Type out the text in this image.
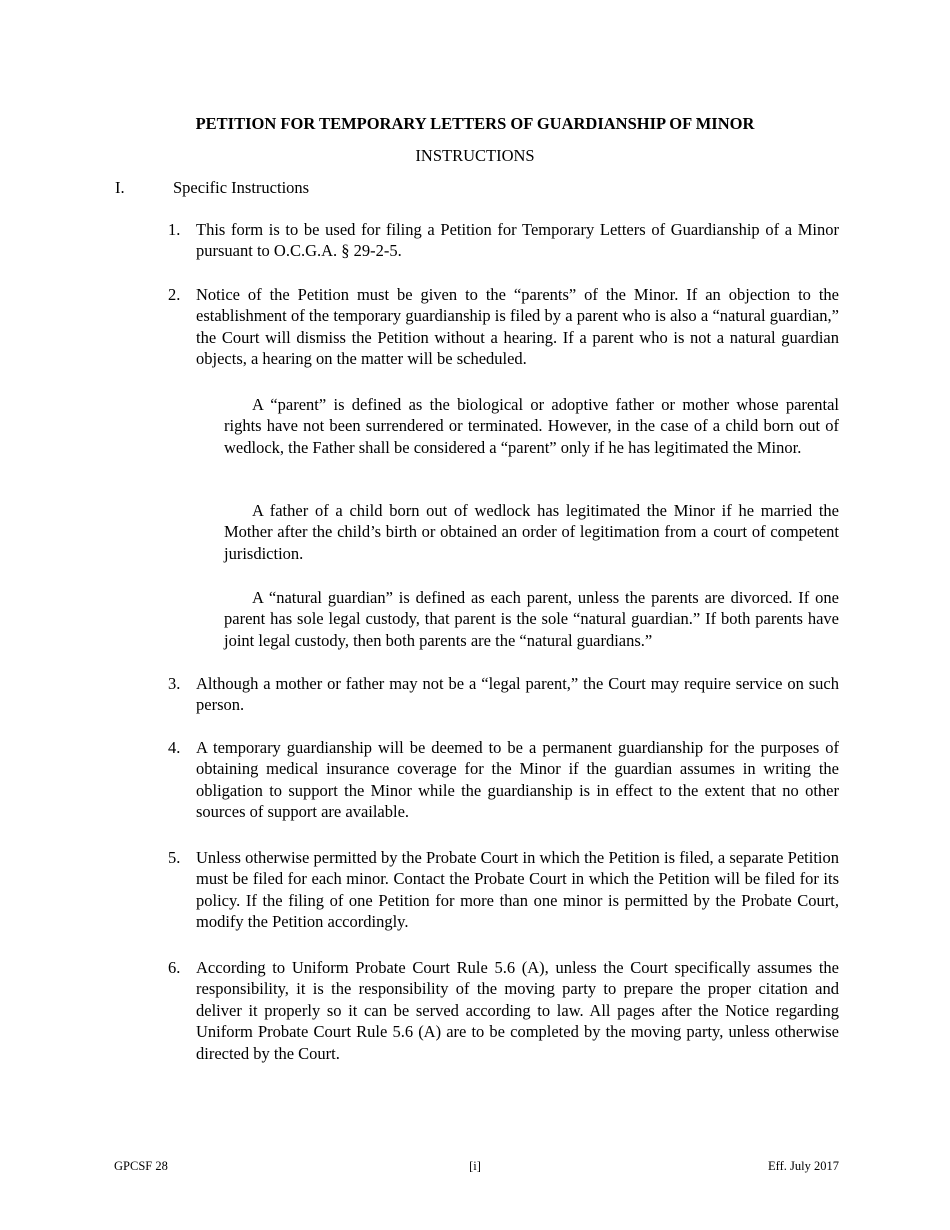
PETITION FOR TEMPORARY LETTERS OF GUARDIANSHIP OF MINOR
INSTRUCTIONS
I.	Specific Instructions
1. This form is to be used for filing a Petition for Temporary Letters of Guardianship of a Minor pursuant to O.C.G.A. § 29-2-5.
2. Notice of the Petition must be given to the “parents” of the Minor. If an objection to the establishment of the temporary guardianship is filed by a parent who is also a “natural guardian,” the Court will dismiss the Petition without a hearing. If a parent who is not a natural guardian objects, a hearing on the matter will be scheduled.
A “parent” is defined as the biological or adoptive father or mother whose parental rights have not been surrendered or terminated. However, in the case of a child born out of wedlock, the Father shall be considered a “parent” only if he has legitimated the Minor.
A father of a child born out of wedlock has legitimated the Minor if he married the Mother after the child’s birth or obtained an order of legitimation from a court of competent jurisdiction.
A “natural guardian” is defined as each parent, unless the parents are divorced. If one parent has sole legal custody, that parent is the sole “natural guardian.” If both parents have joint legal custody, then both parents are the “natural guardians.”
3. Although a mother or father may not be a “legal parent,” the Court may require service on such person.
4. A temporary guardianship will be deemed to be a permanent guardianship for the purposes of obtaining medical insurance coverage for the Minor if the guardian assumes in writing the obligation to support the Minor while the guardianship is in effect to the extent that no other sources of support are available.
5. Unless otherwise permitted by the Probate Court in which the Petition is filed, a separate Petition must be filed for each minor. Contact the Probate Court in which the Petition will be filed for its policy. If the filing of one Petition for more than one minor is permitted by the Probate Court, modify the Petition accordingly.
6. According to Uniform Probate Court Rule 5.6 (A), unless the Court specifically assumes the responsibility, it is the responsibility of the moving party to prepare the proper citation and deliver it properly so it can be served according to law. All pages after the Notice regarding Uniform Probate Court Rule 5.6 (A) are to be completed by the moving party, unless otherwise directed by the Court.
GPCSF 28	[i]	Eff. July 2017
